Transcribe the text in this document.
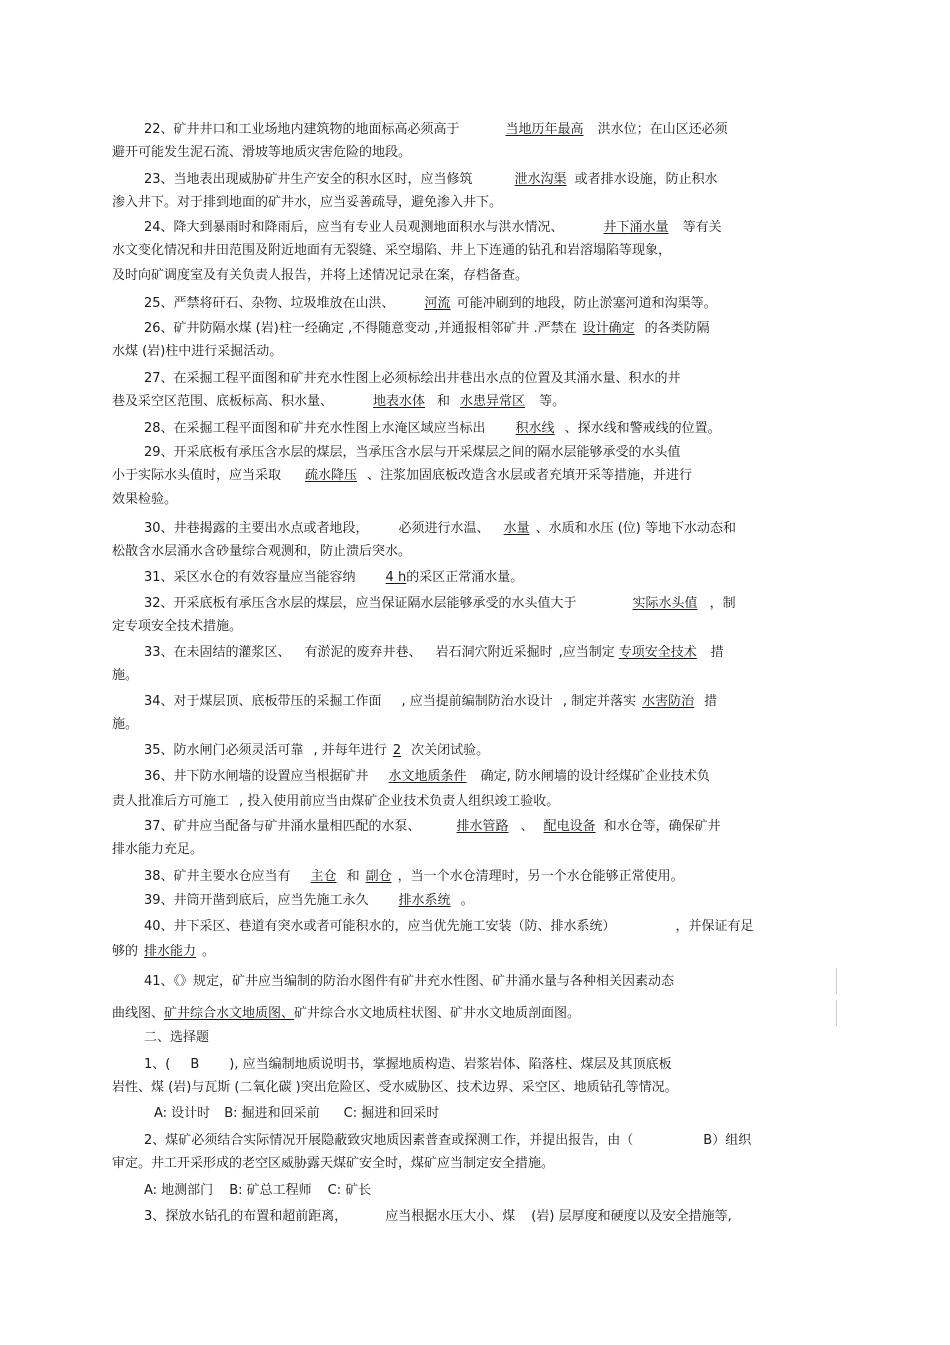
22、矿井井口和工业场地内建筑物的地面标高必须高于	当地历年最高 洪水位；在山区还必须
避开可能发生泥石流、滑坡等地质灾害危险的地段。
23、当地表出现威胁矿井生产安全的积水区时，应当修筑	泄水沟渠 或者排水设施，防止积水
渗入井下。对于排到地面的矿井水，应当妥善疏导，避免渗入井下。
24、降大到暴雨时和降雨后，应当有专业人员观测地面积水与洪水情况、	井下涌水量 等有关
水文变化情况和井田范围及附近地面有无裂缝、采空塌陷、井上下连通的钻孔和岩溶塌陷等现象，
及时向矿调度室及有关负责人报告，并将上述情况记录在案，存档备查。
25、严禁将矸石、杂物、垃圾堆放在山洪、 河流 可能冲刷到的地段，防止淤塞河道和沟渠等。
26、矿井防隔水煤 (岩)柱一经确定 ,不得随意变动 ,并通报相邻矿井 .严禁在 设计确定 的各类防隔
水煤 (岩)柱中进行采掘活动。
27、在采掘工程平面图和矿井充水性图上必须标绘出井巷出水点的位置及其涌水量、积水的井
巷及采空区范围、底板标高、积水量、	地表水体 和 水患异常区 等。
28、在采掘工程平面图和矿井充水性图上水淹区域应当标出 积水线 、探水线和警戒线的位置。
29、开采底板有承压含水层的煤层，当承压含水层与开采煤层之间的隔水层能够承受的水头值
小于实际水头值时，应当采取 疏水降压 、注浆加固底板改造含水层或者充填开采等措施，并进行
效果检验。
30、井巷揭露的主要出水点或者地段， 必须进行水温、 水量 、水质和水压 (位) 等地下水动态和
松散含水层涌水含砂量综合观测和，防止溃后突水。
31、采区水仓的有效容量应当能容纳 4 h的采区正常涌水量。
32、开采底板有承压含水层的煤层，应当保证隔水层能够承受的水头值大于	实际水头值 ，制
定专项安全技术措施。
33、在未固结的灌浆区、 有淤泥的废弃井巷、 岩石洞穴附近采掘时 ,应当制定 专项安全技术 措
施。
34、对于煤层顶、底板带压的采掘工作面 , 应当提前编制防治水设计 , 制定并落实 水害防治 措
施。
35、防水闸门必须灵活可靠 , 并每年进行 2 次关闭试验。
36、井下防水闸墙的设置应当根据矿井 水文地质条件 确定, 防水闸墙的设计经煤矿企业技术负
责人批准后方可施工 , 投入使用前应当由煤矿企业技术负责人组织竣工验收。
37、矿井应当配备与矿井涌水量相匹配的水泵、	排水管路 、 配电设备 和水仓等，确保矿井
排水能力充足。
38、矿井主要水仓应当有 主仓 和 副仓 ，当一个水仓清理时，另一个水仓能够正常使用。
39、井筒开凿到底后，应当先施工永久 排水系统 。
40、井下采区、巷道有突水或者可能积水的，应当优先施工安装（防、排水系统）	，并保证有足
够的 排水能力 。
41、《》规定，矿井应当编制的防治水图件有矿井充水性图、矿井涌水量与各种相关因素动态
曲线图、矿井综合水文地质图、矿井综合水文地质柱状图、矿井水文地质剖面图。
二、选择题
1、( B ), 应当编制地质说明书，掌握地质构造、岩浆岩体、陷落柱、煤层及其顶底板
岩性、煤 (岩)与瓦斯 (二氧化碳 )突出危险区、受水威胁区、技术边界、采空区、地质钻孔等情况。
A: 设计时 B: 掘进和回采前 C: 掘进和回采时
2、煤矿必须结合实际情况开展隐蔽致灾地质因素普查或探测工作，并提出报告，由（	B）组织
审定。井工开采形成的老空区威胁露天煤矿安全时，煤矿应当制定安全措施。
A: 地测部门 B: 矿总工程师 C: 矿长
3、探放水钻孔的布置和超前距离，	应当根据水压大小、煤 (岩) 层厚度和硬度以及安全措施等,
